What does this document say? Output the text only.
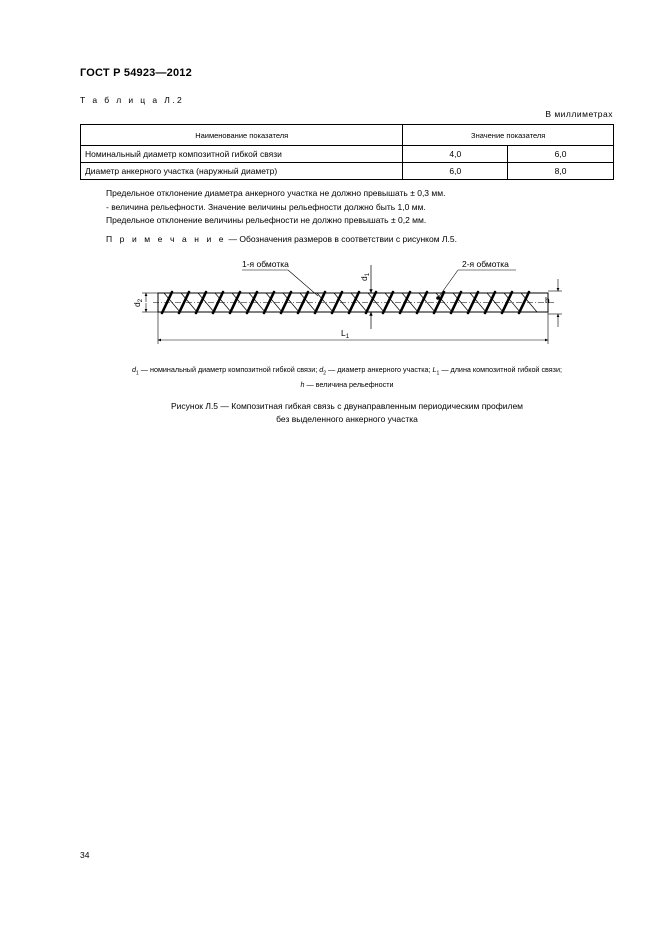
ГОСТ Р 54923—2012
Т а б л и ц а Л.2
В миллиметрах
Наименование показателя	Значение показателя	
Номинальный диаметр композитной гибкой связи	4,0	6,0
Диаметр анкерного участка (наружный диаметр)	6,0	8,0
Предельное отклонение диаметра анкерного участка не должно превышать ± 0,3 мм.
- величина рельефности. Значение величины рельефности должно быть 1,0 мм.
Предельное отклонение величины рельефности не должно превышать ± 0,2 мм.
П р и м е ч а н и е — Обозначения размеров в соответствии с рисунком Л.5.
$d_1$
1-я обмотка	2-я обмотка
$d_2$	h
$L_1$
$d_1$ — номинальный диаметр композитной гибкой связи; $d_2$ — диаметр анкерного участка; $L_1$ — длина композитной гибкой связи;
h — величина рельефности
Рисунок Л.5 — Композитная гибкая связь с двунаправленным периодическим профилем
без выделенного анкерного участка
34
